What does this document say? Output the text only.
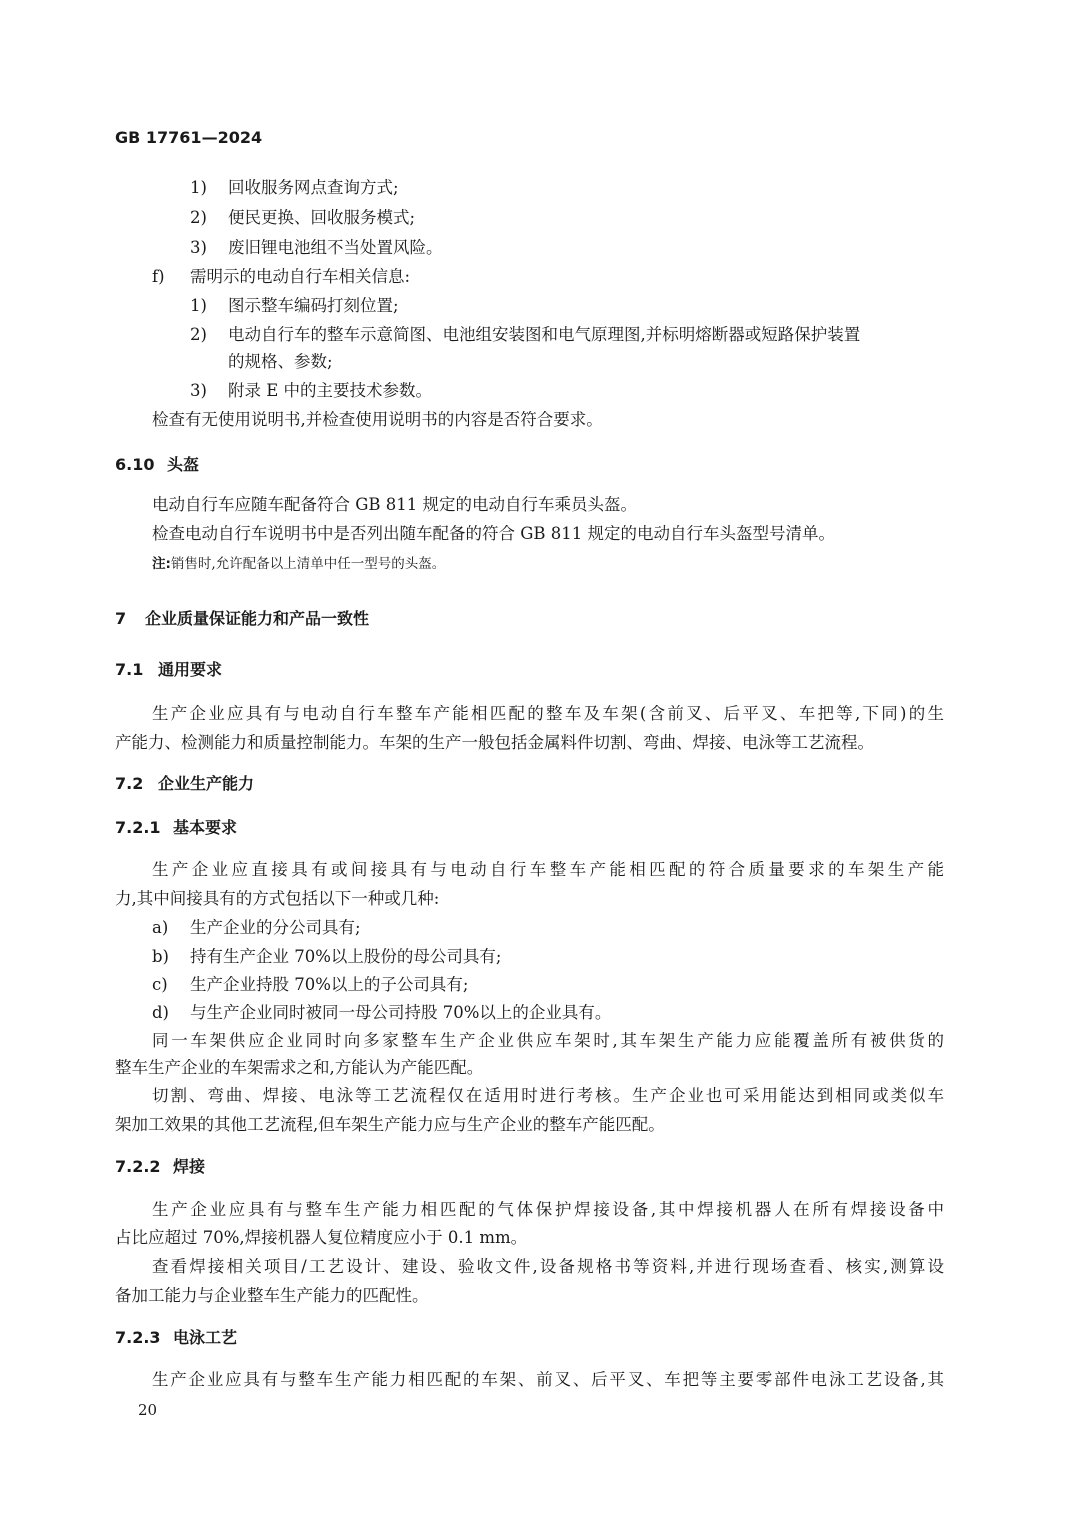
GB 17761—2024
1) 回收服务网点查询方式;
2) 便民更换、回收服务模式;
3) 废旧锂电池组不当处置风险。
f) 需明示的电动自行车相关信息:
1) 图示整车编码打刻位置;
2) 电动自行车的整车示意简图、电池组安装图和电气原理图,并标明熔断器或短路保护装置
的规格、参数;
3) 附录 E 中的主要技术参数。
检查有无使用说明书,并检查使用说明书的内容是否符合要求。
6.10 头盔
电动自行车应随车配备符合 GB 811 规定的电动自行车乘员头盔。
检查电动自行车说明书中是否列出随车配备的符合 GB 811 规定的电动自行车头盔型号清单。
注:销售时,允许配备以上清单中任一型号的头盔。
7 企业质量保证能力和产品一致性
7.1 通用要求
生产企业应具有与电动自行车整车产能相匹配的整车及车架(含前叉、后平叉、车把等,下同)的生
产能力、检测能力和质量控制能力。车架的生产一般包括金属料件切割、弯曲、焊接、电泳等工艺流程。
7.2 企业生产能力
7.2.1 基本要求
生产企业应直接具有或间接具有与电动自行车整车产能相匹配的符合质量要求的车架生产能
力,其中间接具有的方式包括以下一种或几种:
a) 生产企业的分公司具有;
b) 持有生产企业 70%以上股份的母公司具有;
c) 生产企业持股 70%以上的子公司具有;
d) 与生产企业同时被同一母公司持股 70%以上的企业具有。
同一车架供应企业同时向多家整车生产企业供应车架时,其车架生产能力应能覆盖所有被供货的
整车生产企业的车架需求之和,方能认为产能匹配。
切割、弯曲、焊接、电泳等工艺流程仅在适用时进行考核。生产企业也可采用能达到相同或类似车
架加工效果的其他工艺流程,但车架生产能力应与生产企业的整车产能匹配。
7.2.2 焊接
生产企业应具有与整车生产能力相匹配的气体保护焊接设备,其中焊接机器人在所有焊接设备中
占比应超过 70%,焊接机器人复位精度应小于 0.1 mm。
查看焊接相关项目/工艺设计、建设、验收文件,设备规格书等资料,并进行现场查看、核实,测算设
备加工能力与企业整车生产能力的匹配性。
7.2.3 电泳工艺
生产企业应具有与整车生产能力相匹配的车架、前叉、后平叉、车把等主要零部件电泳工艺设备,其
20
